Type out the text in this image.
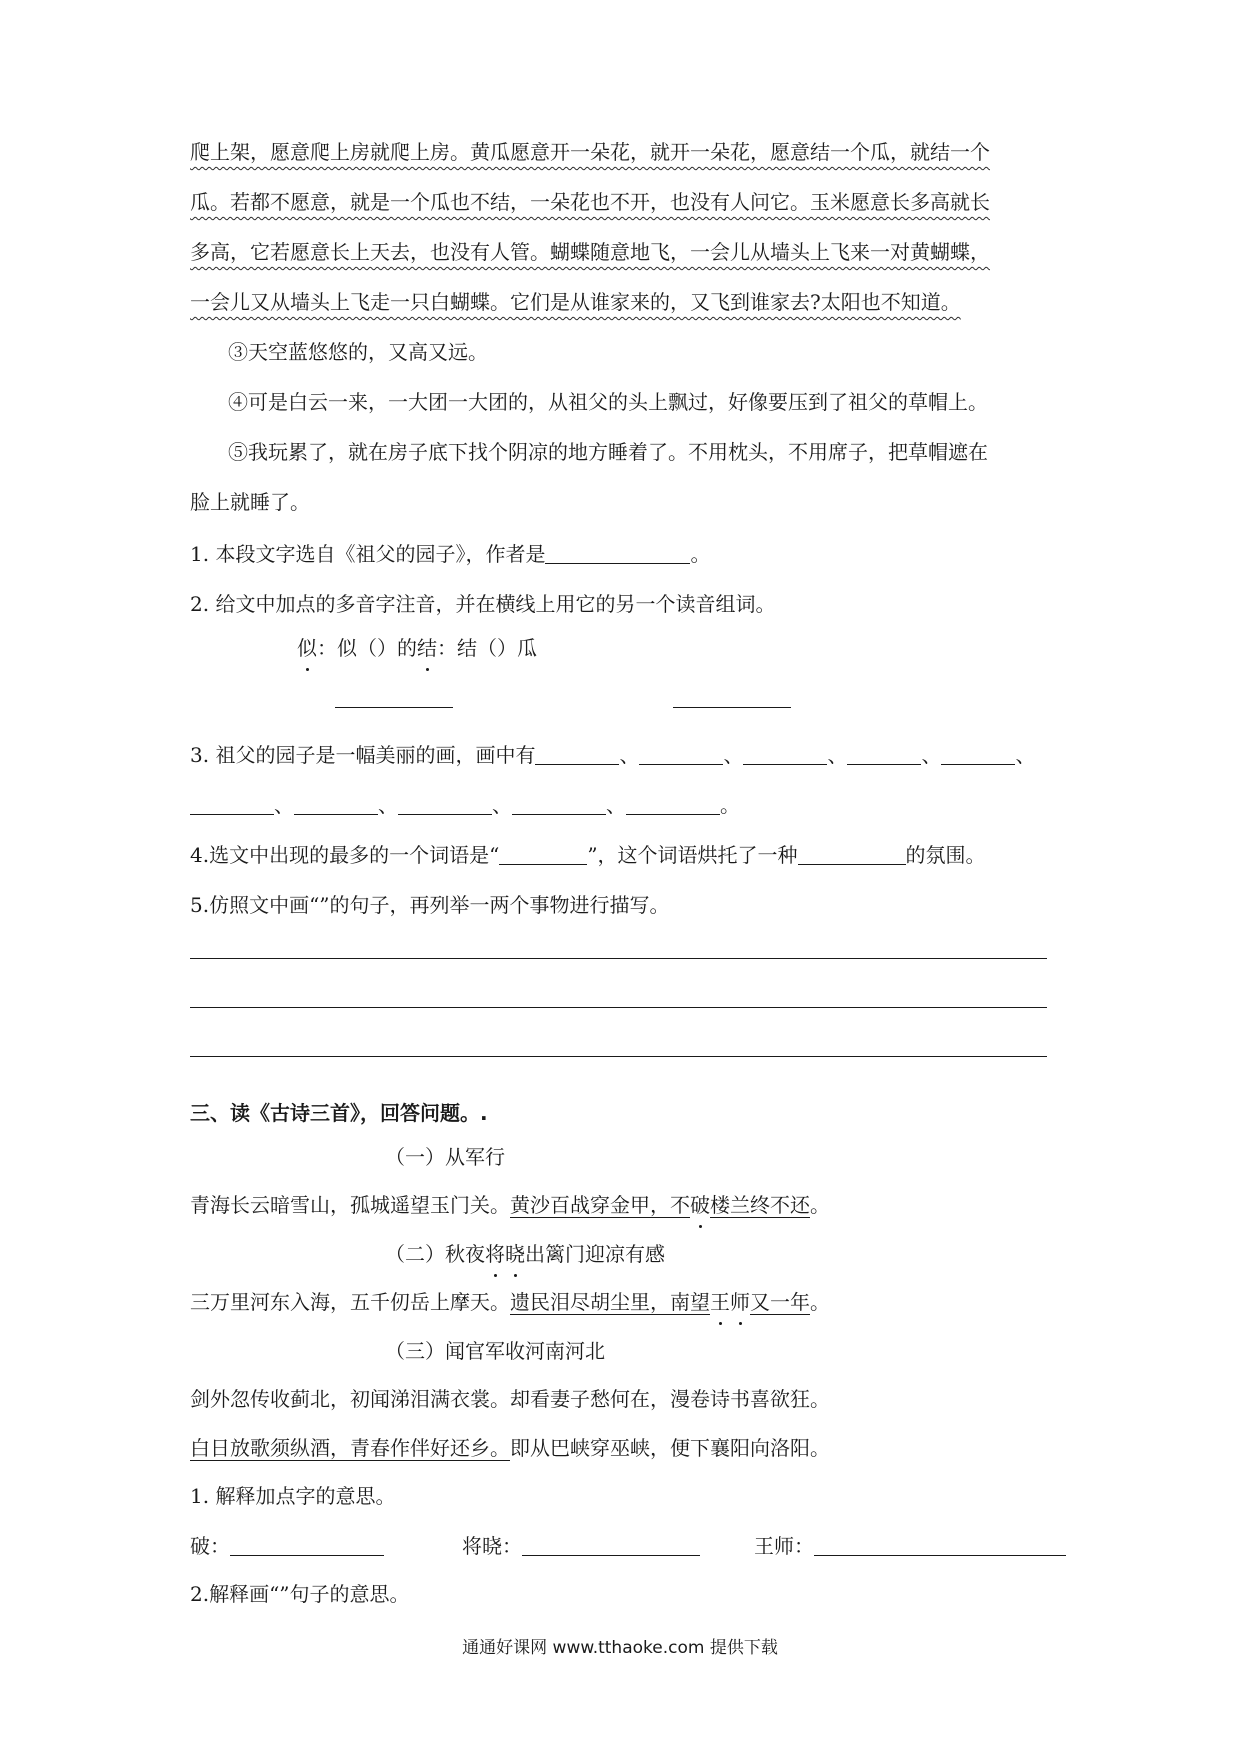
爬上架，愿意爬上房就爬上房。黄瓜愿意开一朵花，就开一朵花，愿意结一个瓜，就结一个
瓜。若都不愿意，就是一个瓜也不结，一朵花也不开，也没有人问它。玉米愿意长多高就长
多高，它若愿意长上天去，也没有人管。蝴蝶随意地飞，一会儿从墙头上飞来一对黄蝴蝶，
一会儿又从墙头上飞走一只白蝴蝶。它们是从谁家来的，又飞到谁家去?太阳也不知道。
③天空蓝悠悠的，又高又远。
④可是白云一来，一大团一大团的，从祖父的头上飘过，好像要压到了祖父的草帽上。
⑤我玩累了，就在房子底下找个阴凉的地方睡着了。不用枕头，不用席子，把草帽遮在
脸上就睡了。
1. 本段文字选自《祖父的园子》，作者是	。
2. 给文中加点的多音字注音，并在横线上用它的另一个读音组词。
似：似（）的结：结（）瓜
3. 祖父的园子是一幅美丽的画，画中有	、	、	、	、	、
、	、	、	、	。
4.选文中出现的最多的一个词语是“	”，这个词语烘托了一种	的氛围。
5.仿照文中画“”的句子，再列举一两个事物进行描写。
三、读《古诗三首》，回答问题。.
（一）从军行
青海长云暗雪山，孤城遥望玉门关。黄沙百战穿金甲，不破楼兰终不还。
（二）秋夜将晓出篱门迎凉有感
三万里河东入海，五千仞岳上摩天。遗民泪尽胡尘里，南望王师又一年。
（三）闻官军收河南河北
剑外忽传收蓟北，初闻涕泪满衣裳。却看妻子愁何在，漫卷诗书喜欲狂。
白日放歌须纵酒，青春作伴好还乡。即从巴峡穿巫峡，便下襄阳向洛阳。
1. 解释加点字的意思。
破：	将晓：	王师：
2.解释画“”句子的意思。
通通好课网 www.tthaoke.com 提供下载
